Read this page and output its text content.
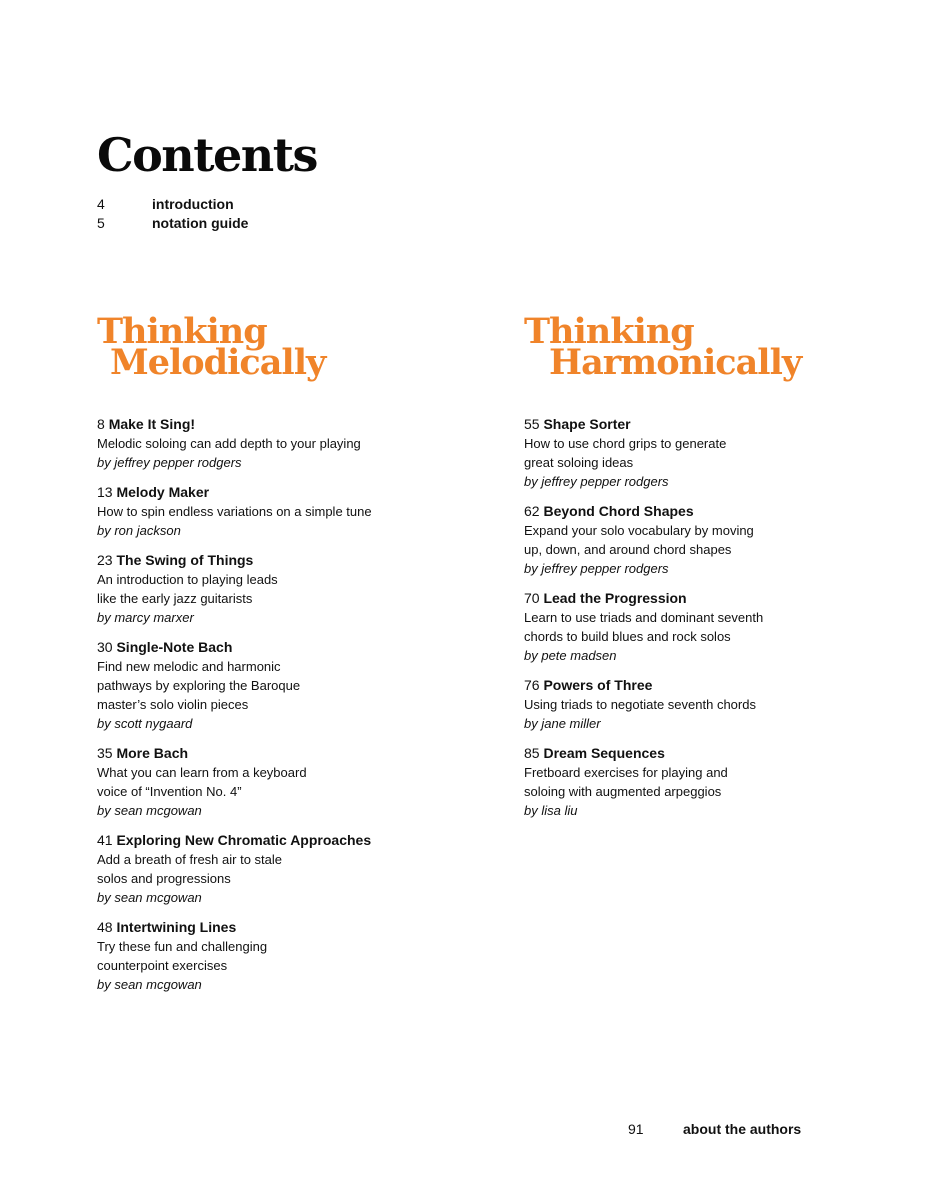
Contents
4	introduction
5	notation guide
Thinking
Melodically
Thinking
Harmonically
8 Make It Sing!
Melodic soloing can add depth to your playing
by jeffrey pepper rodgers
13 Melody Maker
How to spin endless variations on a simple tune
by ron jackson
23 The Swing of Things
An introduction to playing leads
like the early jazz guitarists
by marcy marxer
30 Single-Note Bach
Find new melodic and harmonic
pathways by exploring the Baroque
master’s solo violin pieces
by scott nygaard
35 More Bach
What you can learn from a keyboard
voice of “Invention No. 4”
by sean mcgowan
41 Exploring New Chromatic Approaches
Add a breath of fresh air to stale
solos and progressions
by sean mcgowan
48 Intertwining Lines
Try these fun and challenging
counterpoint exercises
by sean mcgowan
55 Shape Sorter
How to use chord grips to generate
great soloing ideas
by jeffrey pepper rodgers
62 Beyond Chord Shapes
Expand your solo vocabulary by moving
up, down, and around chord shapes
by jeffrey pepper rodgers
70 Lead the Progression
Learn to use triads and dominant seventh
chords to build blues and rock solos
by pete madsen
76 Powers of Three
Using triads to negotiate seventh chords
by jane miller
85 Dream Sequences
Fretboard exercises for playing and
soloing with augmented arpeggios
by lisa liu
91	about the authors
